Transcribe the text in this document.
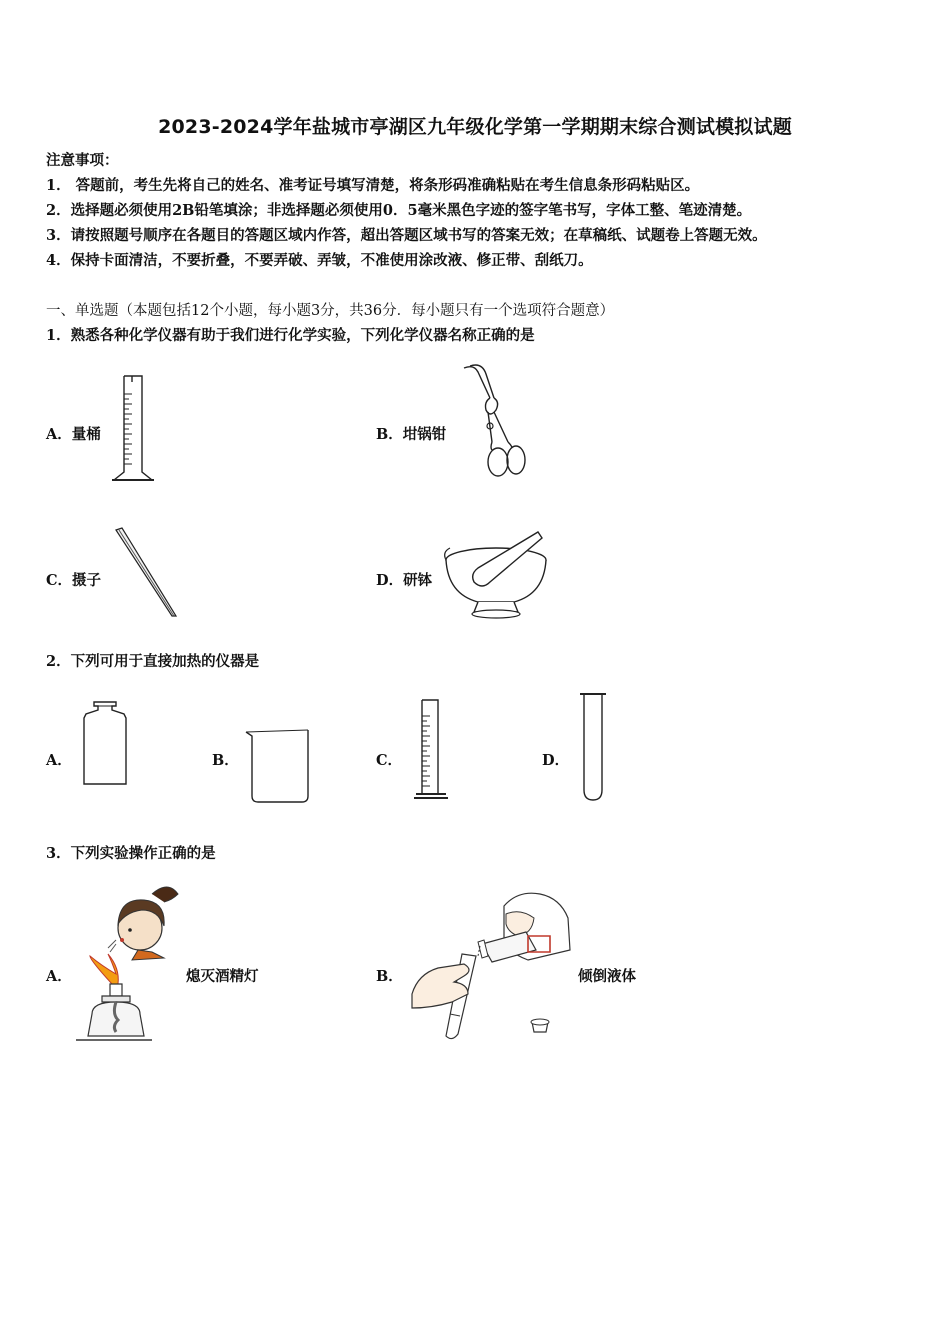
2023-2024学年盐城市亭湖区九年级化学第一学期期末综合测试模拟试题
注意事项：
1． 答题前，考生先将自己的姓名、准考证号填写清楚，将条形码准确粘贴在考生信息条形码粘贴区。
2．选择题必须使用2B铅笔填涂；非选择题必须使用0．5毫米黑色字迹的签字笔书写，字体工整、笔迹清楚。
3．请按照题号顺序在各题目的答题区域内作答，超出答题区域书写的答案无效；在草稿纸、试题卷上答题无效。
4．保持卡面清洁，不要折叠，不要弄破、弄皱，不准使用涂改液、修正带、刮纸刀。
一、单选题（本题包括12个小题，每小题3分，共36分．每小题只有一个选项符合题意）
1．熟悉各种化学仪器有助于我们进行化学实验，下列化学仪器名称正确的是
A．量桶	B．坩锅钳
C．摄子	D．研钵
2．下列可用于直接加热的仪器是
A．	B．	C．	D．
3．下列实验操作正确的是
A．	熄灭酒精灯	B．	倾倒液体
